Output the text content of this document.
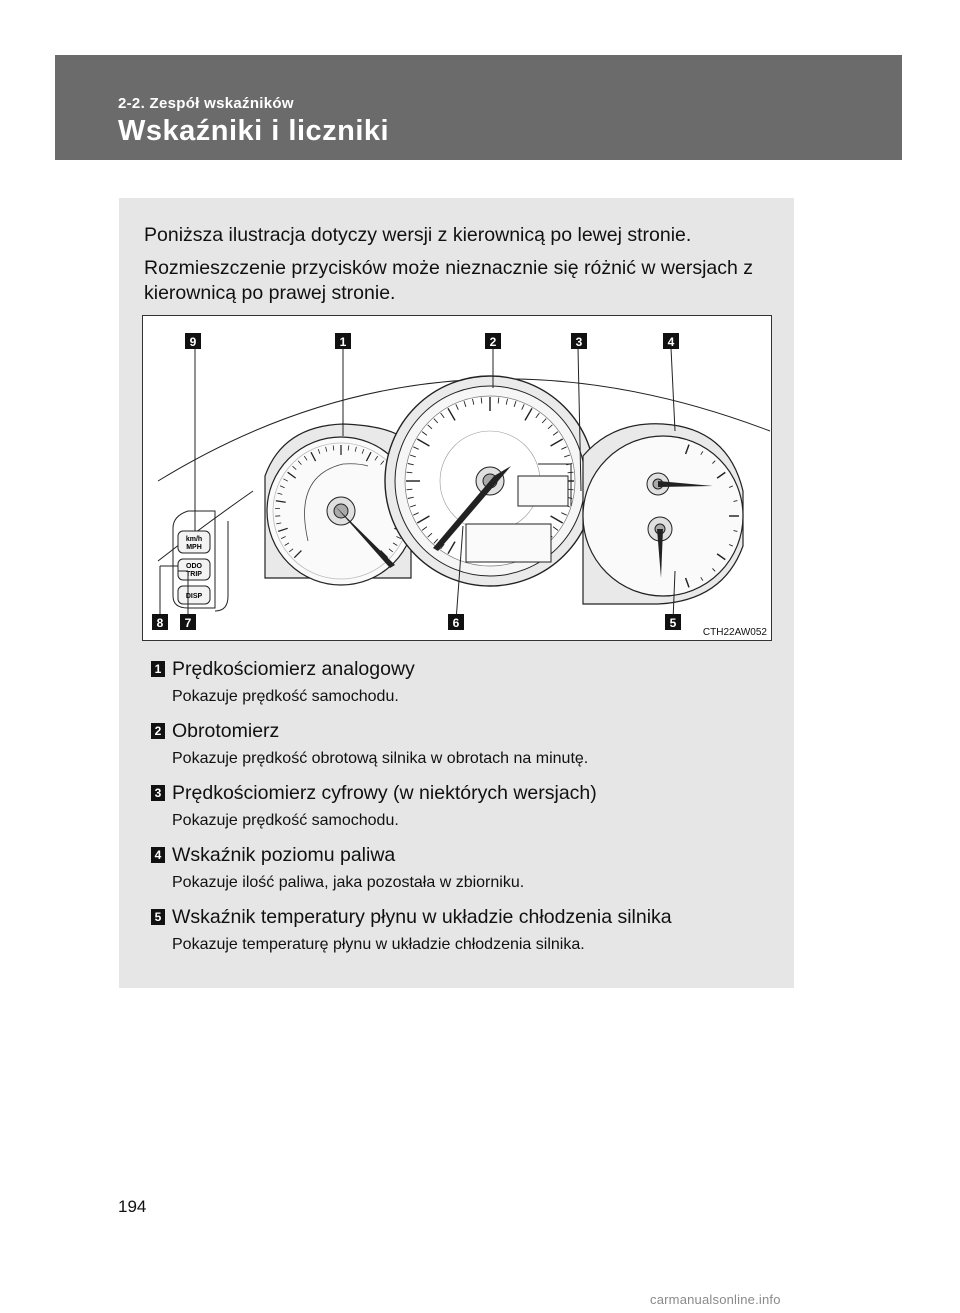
2-2. Zespół wskaźników
Wskaźniki i liczniki
Poniższa ilustracja dotyczy wersji z kierownicą po lewej stronie.
Rozmieszczenie przycisków może nieznacznie się różnić w wersjach z kierownicą po prawej stronie.
km/h
MPH
ODO
TRIP
DISP
9	1	2	3	4
8 7	6	5
CTH22AW052
1 Prędkościomierz analogowy
Pokazuje prędkość samochodu.
2 Obrotomierz
Pokazuje prędkość obrotową silnika w obrotach na minutę.
3 Prędkościomierz cyfrowy (w niektórych wersjach)
Pokazuje prędkość samochodu.
4 Wskaźnik poziomu paliwa
Pokazuje ilość paliwa, jaka pozostała w zbiorniku.
5 Wskaźnik temperatury płynu w układzie chłodzenia silnika
Pokazuje temperaturę płynu w układzie chłodzenia silnika.
194
carmanualsonline.info
